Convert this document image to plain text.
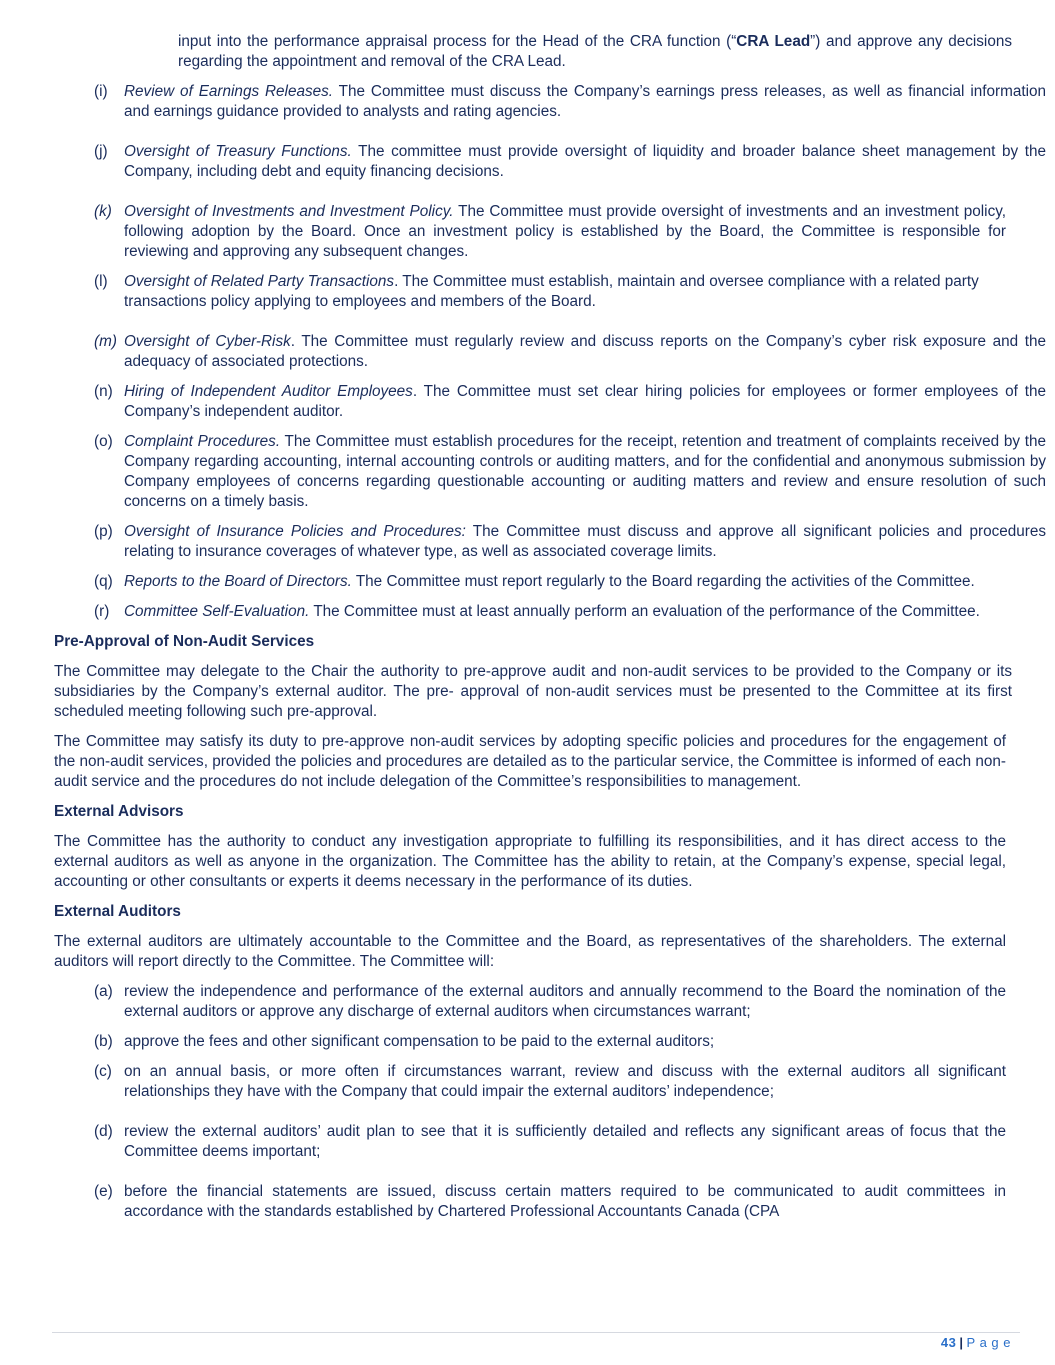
input into the performance appraisal process for the Head of the CRA function (“CRA Lead”) and approve any decisions regarding the appointment and removal of the CRA Lead.

(i)	Review of Earnings Releases. The Committee must discuss the Company’s earnings press releases, as well as financial information and earnings guidance provided to analysts and rating agencies.
(j)	Oversight of Treasury Functions. The committee must provide oversight of liquidity and broader balance sheet management by the Company, including debt and equity financing decisions.
(k) Oversight of Investments and Investment Policy. The Committee must provide oversight of investments and an investment policy, following adoption by the Board. Once an investment policy is established by the Board, the Committee is responsible for reviewing and approving any subsequent changes.
(l)	Oversight of Related Party Transactions. The Committee must establish, maintain and oversee compliance with a related party transactions policy applying to employees and members of the Board.
(m) Oversight of Cyber-Risk. The Committee must regularly review and discuss reports on the Company’s cyber risk exposure and the adequacy of associated protections.
(n) Hiring of Independent Auditor Employees. The Committee must set clear hiring policies for employees or former employees of the Company’s independent auditor.
(o) Complaint Procedures. The Committee must establish procedures for the receipt, retention and treatment of complaints received by the Company regarding accounting, internal accounting controls or auditing matters, and for the confidential and anonymous submission by Company employees of concerns regarding questionable accounting or auditing matters and review and ensure resolution of such concerns on a timely basis.
(p) Oversight of Insurance Policies and Procedures: The Committee must discuss and approve all significant policies and procedures relating to insurance coverages of whatever type, as well as associated coverage limits.
(q) Reports to the Board of Directors. The Committee must report regularly to the Board regarding the activities of the Committee.
(r) Committee Self-Evaluation. The Committee must at least annually perform an evaluation of the performance of the Committee.

Pre-Approval of Non-Audit Services

The Committee may delegate to the Chair the authority to pre-approve audit and non-audit services to be provided to the Company or its subsidiaries by the Company’s external auditor. The pre- approval of non-audit services must be presented to the Committee at its first scheduled meeting following such pre-approval.

The Committee may satisfy its duty to pre-approve non-audit services by adopting specific policies and procedures for the engagement of the non-audit services, provided the policies and procedures are detailed as to the particular service, the Committee is informed of each non-audit service and the procedures do not include delegation of the Committee’s responsibilities to management.

External Advisors

The Committee has the authority to conduct any investigation appropriate to fulfilling its responsibilities, and it has direct access to the external auditors as well as anyone in the organization. The Committee has the ability to retain, at the Company’s expense, special legal, accounting or other consultants or experts it deems necessary in the performance of its duties.

External Auditors

The external auditors are ultimately accountable to the Committee and the Board, as representatives of the shareholders. The external auditors will report directly to the Committee. The Committee will:

(a) review the independence and performance of the external auditors and annually recommend to the Board the nomination of the external auditors or approve any discharge of external auditors when circumstances warrant;
(b) approve the fees and other significant compensation to be paid to the external auditors;
(c) on an annual basis, or more often if circumstances warrant, review and discuss with the external auditors all significant relationships they have with the Company that could impair the external auditors’ independence;
(d) review the external auditors’ audit plan to see that it is sufficiently detailed and reflects any significant areas of focus that the Committee deems important;
(e) before the financial statements are issued, discuss certain matters required to be communicated to audit committees in accordance with the standards established by Chartered Professional Accountants Canada (CPA
43 | P a g e
